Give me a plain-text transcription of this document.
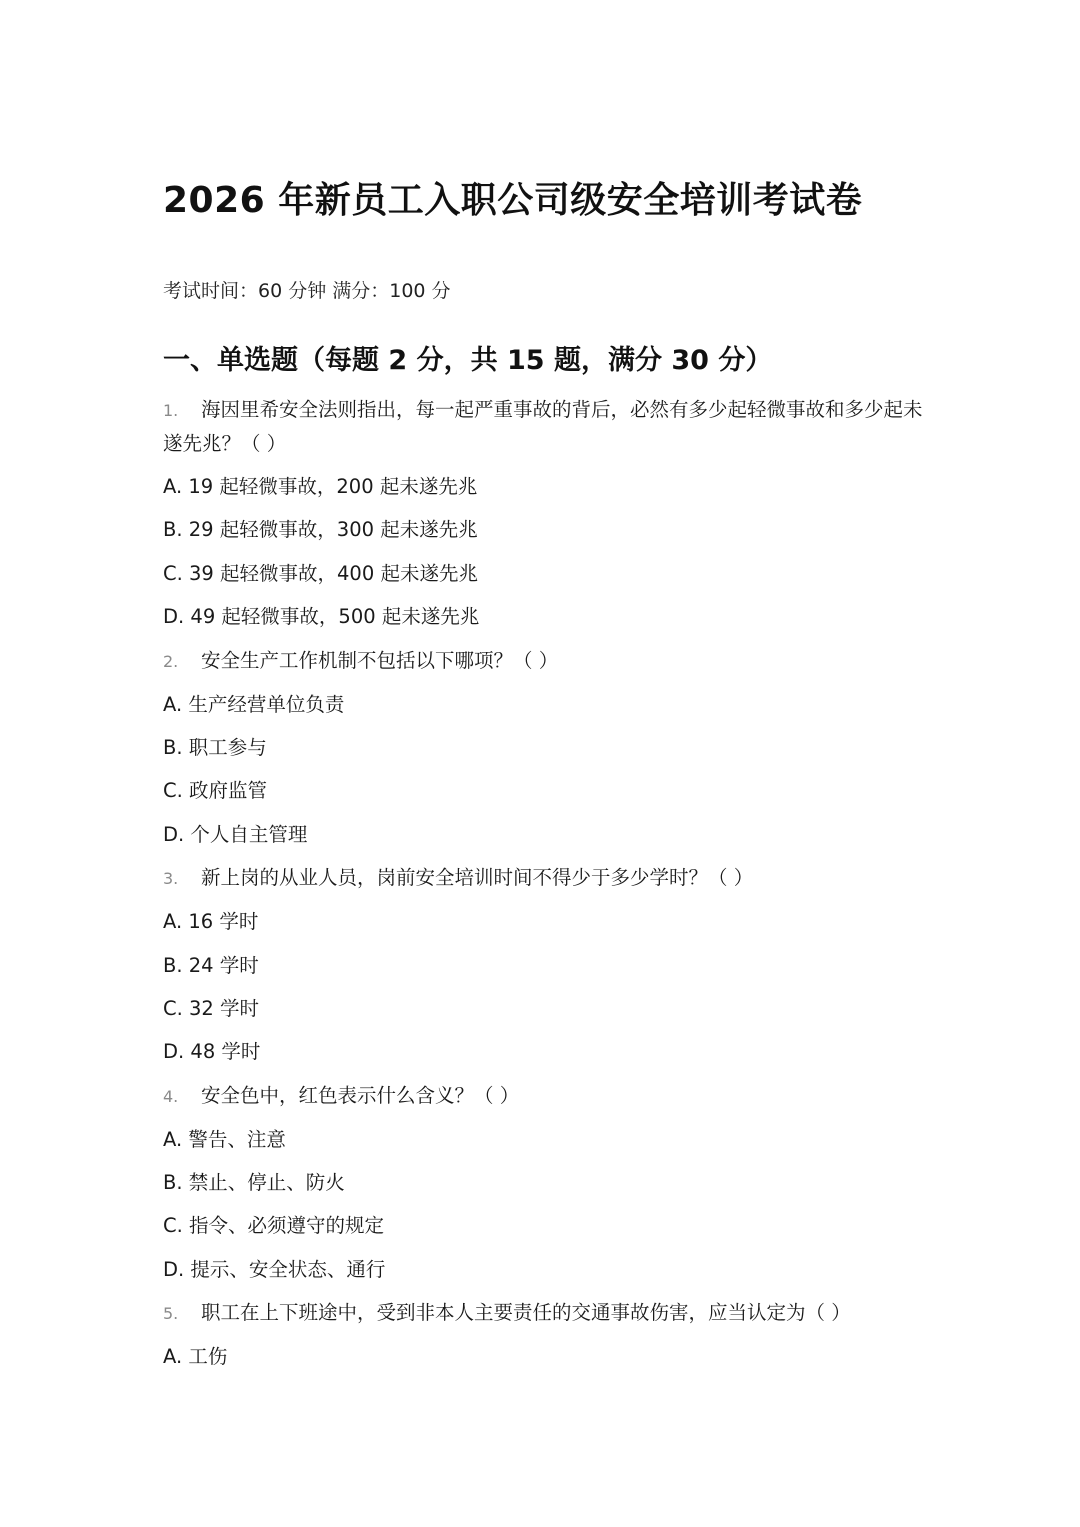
2026 年新员工入职公司级安全培训考试卷
考试时间：60 分钟 满分：100 分
一、单选题（每题 2 分，共 15 题，满分 30 分）
1. 海因里希安全法则指出，每一起严重事故的背后，必然有多少起轻微事故和多少起未遂先兆？（ ）
A. 19 起轻微事故，200 起未遂先兆
B. 29 起轻微事故，300 起未遂先兆
C. 39 起轻微事故，400 起未遂先兆
D. 49 起轻微事故，500 起未遂先兆
2. 安全生产工作机制不包括以下哪项？（ ）
A. 生产经营单位负责
B. 职工参与
C. 政府监管
D. 个人自主管理
3. 新上岗的从业人员，岗前安全培训时间不得少于多少学时？（ ）
A. 16 学时
B. 24 学时
C. 32 学时
D. 48 学时
4. 安全色中，红色表示什么含义？（ ）
A. 警告、注意
B. 禁止、停止、防火
C. 指令、必须遵守的规定
D. 提示、安全状态、通行
5. 职工在上下班途中，受到非本人主要责任的交通事故伤害，应当认定为（ ）
A. 工伤
